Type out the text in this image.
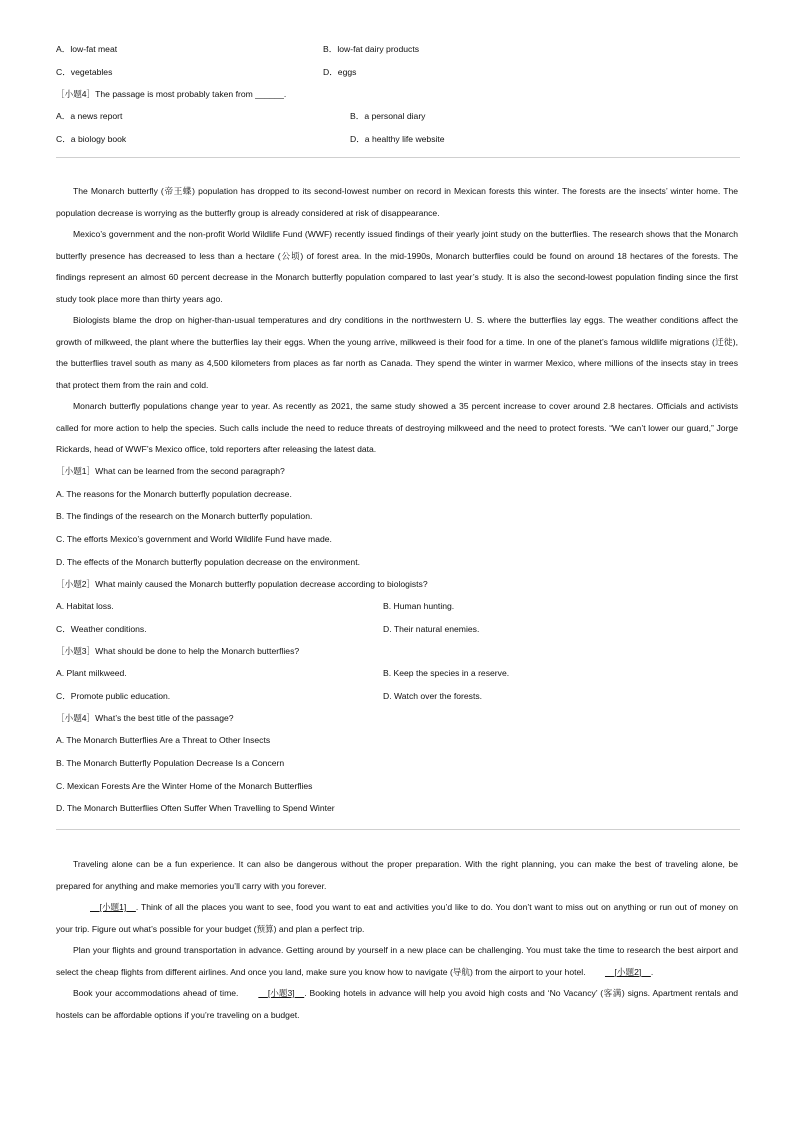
A．low-fat meat	B．low-fat dairy products
C．vegetables	D．eggs
［小题4］The passage is most probably taken from ______.
A．a news report	B．a personal diary
C．a biology book	D．a healthy life website

The Monarch butterfly (帝王蝶) population has dropped to its second-lowest number on record in Mexican forests this winter. The forests are the insects’ winter home. The population decrease is worrying as the butterfly group is already considered at risk of disappearance.

Mexico’s government and the non-profit World Wildlife Fund (WWF) recently issued findings of their yearly joint study on the butterflies. The research shows that the Monarch butterfly presence has decreased to less than a hectare (公顷) of forest area. In the mid-1990s, Monarch butterflies could be found on around 18 hectares of the forests. The findings represent an almost 60 percent decrease in the Monarch butterfly population compared to last year’s study. It is also the second-lowest population finding since the first study took place more than thirty years ago.

Biologists blame the drop on higher-than-usual temperatures and dry conditions in the northwestern U. S. where the butterflies lay eggs. The weather conditions affect the growth of milkweed, the plant where the butterflies lay their eggs. When the young arrive, milkweed is their food for a time. In one of the planet’s famous wildlife migrations (迁徙), the butterflies travel south as many as 4,500 kilometers from places as far north as Canada. They spend the winter in warmer Mexico, where millions of the insects stay in trees that protect them from the rain and cold.

Monarch butterfly populations change year to year. As recently as 2021, the same study showed a 35 percent increase to cover around 2.8 hectares. Officials and activists called for more action to help the species. Such calls include the need to reduce threats of destroying milkweed and the need to protect forests. “We can’t lower our guard,” Jorge Rickards, head of WWF’s Mexico office, told reporters after releasing the latest data.

［小题1］What can be learned from the second paragraph?
A. The reasons for the Monarch butterfly population decrease.
B. The findings of the research on the Monarch butterfly population.
C. The efforts Mexico’s government and World Wildlife Fund have made.
D. The effects of the Monarch butterfly population decrease on the environment.
［小题2］What mainly caused the Monarch butterfly population decrease according to biologists?
A. Habitat loss.	B. Human hunting.
C．Weather conditions.	D. Their natural enemies.
［小题3］What should be done to help the Monarch butterflies?
A. Plant milkweed.	B. Keep the species in a reserve.
C．Promote public education.	D. Watch over the forests.
［小题4］What’s the best title of the passage?
A. The Monarch Butterflies Are a Threat to Other Insects
B. The Monarch Butterfly Population Decrease Is a Concern
C. Mexican Forests Are the Winter Home of the Monarch Butterflies
D. The Monarch Butterflies Often Suffer When Travelling to Spend Winter

Traveling alone can be a fun experience. It can also be dangerous without the proper preparation. With the right planning, you can make the best of traveling alone, be prepared for anything and make memories you’ll carry with you forever.

[小题1] . Think of all the places you want to see, food you want to eat and activities you’d like to do. You don’t want to miss out on anything or run out of money on your trip. Figure out what’s possible for your budget (预算) and plan a perfect trip.

Plan your flights and ground transportation in advance. Getting around by yourself in a new place can be challenging. You must take the time to research the best airport and select the cheap flights from different airlines. And once you land, make sure you know how to navigate (导航) from the airport to your hotel.	[小题2] .

Book your accommodations ahead of time.	[小题3] . Booking hotels in advance will help you avoid high costs and ‘No Vacancy’ (客满) signs. Apartment rentals and hostels can be affordable options if you’re traveling on a budget.
